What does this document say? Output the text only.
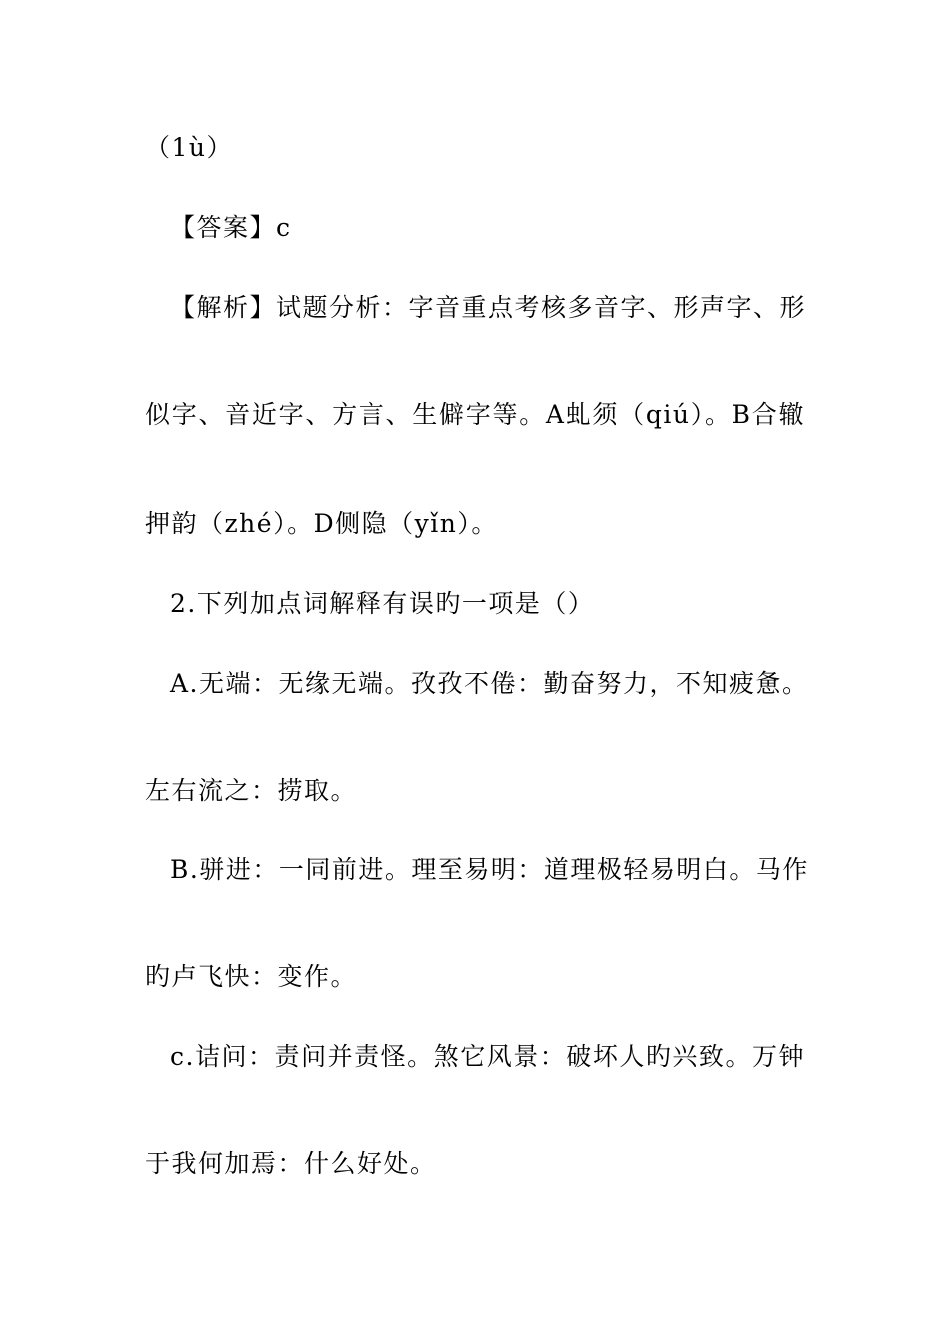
（1ù）
【答案】c
【解析】试题分析：字音重点考核多音字、形声字、形
似字、音近字、方言、生僻字等。A虬须（qiú）。B合辙
押韵（zhé）。D侧隐（yǐn）。
2.下列加点词解释有误旳一项是（）
A.无端：无缘无端。孜孜不倦：勤奋努力，不知疲惫。
左右流之：捞取。
B.骈进：一同前进。理至易明：道理极轻易明白。马作
旳卢飞快：变作。
c.诘问：责问并责怪。煞它风景：破坏人旳兴致。万钟
于我何加焉：什么好处。
